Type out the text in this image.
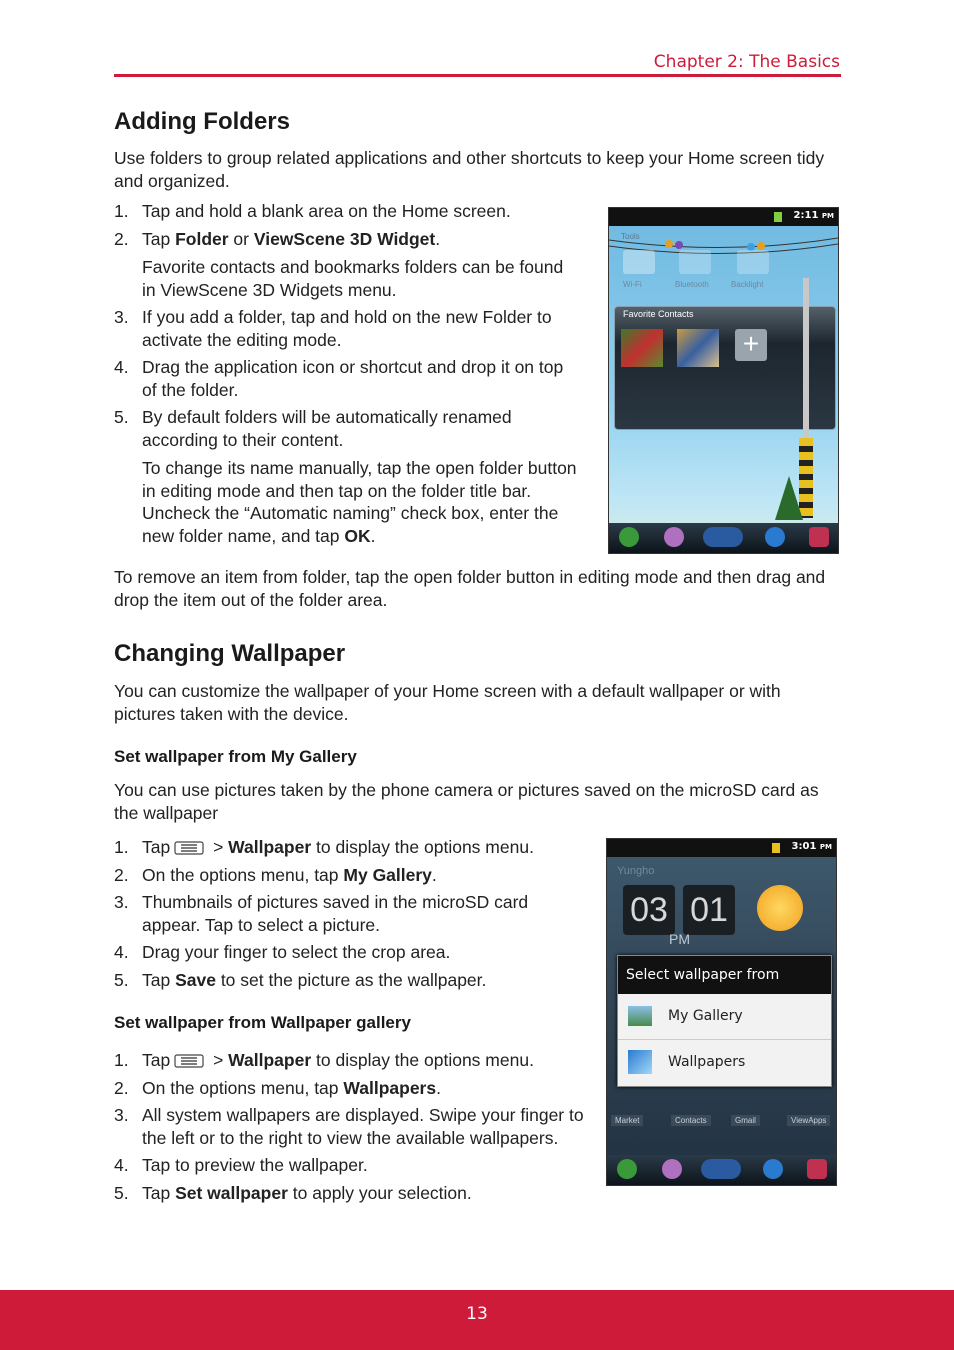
Chapter 2: The Basics
Adding Folders

Use folders to group related applications and other shortcuts to keep your Home screen tidy and organized.

1. Tap and hold a blank area on the Home screen.
2. Tap Folder or ViewScene 3D Widget.
Favorite contacts and bookmarks folders can be found in ViewScene 3D Widgets menu.
3. If you add a folder, tap and hold on the new Folder to activate the editing mode.
4. Drag the application icon or shortcut and drop it on top of the folder.
5. By default folders will be automatically renamed according to their content.
To change its name manually, tap the open folder button in editing mode and then tap on the folder title bar. Uncheck the “Automatic naming” check box, enter the new folder name, and tap OK.
2:11 PM
Tools
Wi-Fi	Bluetooth	Backlight
Favorite Contacts
+

To remove an item from folder, tap the open folder button in editing mode and then drag and drop the item out of the folder area.

Changing Wallpaper

You can customize the wallpaper of your Home screen with a default wallpaper or with pictures taken with the device.

Set wallpaper from My Gallery

You can use pictures taken by the phone camera or pictures saved on the microSD card as the wallpaper

1. Tap > Wallpaper to display the options menu.
2. On the options menu, tap My Gallery.
3. Thumbnails of pictures saved in the microSD card appear. Tap to select a picture.
4. Drag your finger to select the crop area.
5. Tap Save to set the picture as the wallpaper.
Set wallpaper from Wallpaper gallery
1. Tap > Wallpaper to display the options menu.
2. On the options menu, tap Wallpapers.
3. All system wallpapers are displayed. Swipe your finger to the left or to the right to view the available wallpapers.
4. Tap to preview the wallpaper.
5. Tap Set wallpaper to apply your selection.
3:01 PM
Yungho
03 01
PM
Select wallpaper from
My Gallery
Wallpapers
Market	Contacts	Gmail	ViewApps
13
